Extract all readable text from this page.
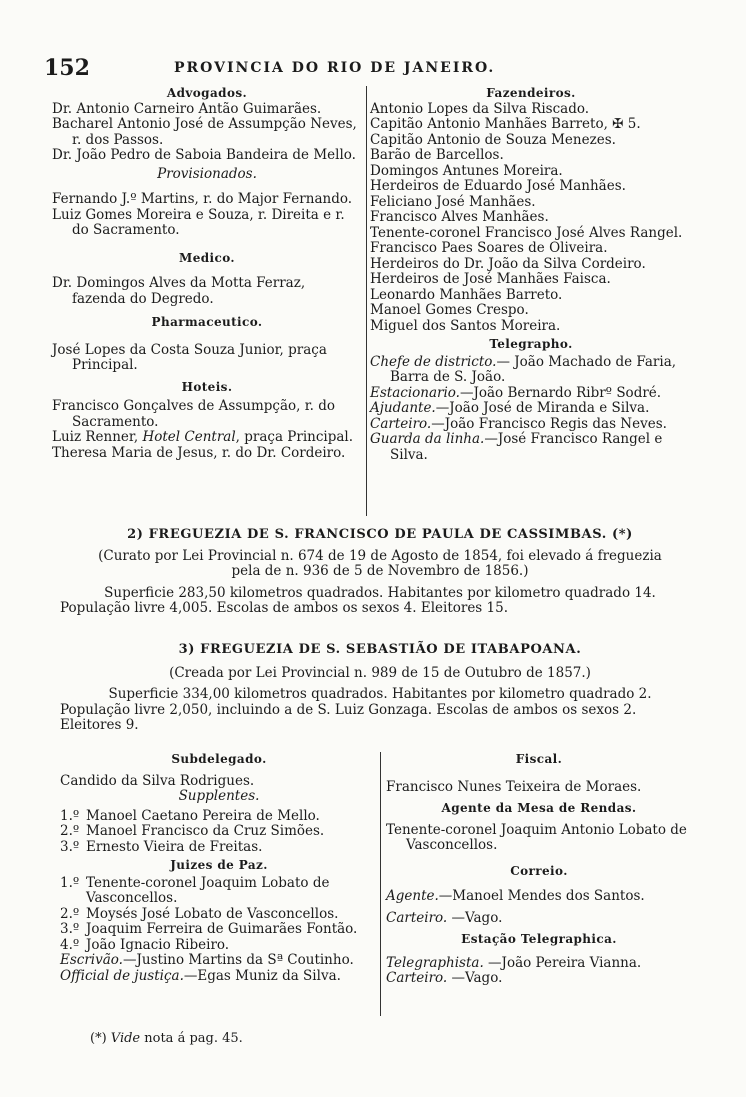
152	PROVINCIA DO RIO DE JANEIRO.

Advogados.

Dr. Antonio Carneiro Antão Guimarães.

Bacharel Antonio José de Assumpção Neves, r. dos Passos.

Dr. João Pedro de Saboia Bandeira de Mello.

Provisionados.

Fernando J.º Martins, r. do Major Fernando.

Luiz Gomes Moreira e Souza, r. Direita e r. do Sacramento.

Medico.

Dr. Domingos Alves da Motta Ferraz, fazenda do Degredo.

Pharmaceutico.

José Lopes da Costa Souza Junior, praça Principal.

Hoteis.

Francisco Gonçalves de Assumpção, r. do Sacramento.

Luiz Renner, Hotel Central, praça Principal.

Theresa Maria de Jesus, r. do Dr. Cordeiro.

Fazendeiros.

Antonio Lopes da Silva Riscado.

Capitão Antonio Manhães Barreto, ✠ 5.

Capitão Antonio de Souza Menezes.

Barão de Barcellos.

Domingos Antunes Moreira.

Herdeiros de Eduardo José Manhães.

Feliciano José Manhães.

Francisco Alves Manhães.

Tenente-coronel Francisco José Alves Rangel.

Francisco Paes Soares de Oliveira.

Herdeiros do Dr. João da Silva Cordeiro.

Herdeiros de José Manhães Faisca.

Leonardo Manhães Barreto.

Manoel Gomes Crespo.

Miguel dos Santos Moreira.

Telegrapho.

Chefe de districto.— João Machado de Faria, Barra de S. João.

Estacionario.—João Bernardo Ribrº Sodré.

Ajudante.—João José de Miranda e Silva.

Carteiro.—João Francisco Regis das Neves.

Guarda da linha.—José Francisco Rangel e Silva.

2) FREGUEZIA DE S. FRANCISCO DE PAULA DE CASSIMBAS. (*)

(Curato por Lei Provincial n. 674 de 19 de Agosto de 1854, foi elevado á freguezia

pela de n. 936 de 5 de Novembro de 1856.)

Superficie 283,50 kilometros quadrados. Habitantes por kilometro quadrado 14.

População livre 4,005. Escolas de ambos os sexos 4. Eleitores 15.

3) FREGUEZIA DE S. SEBASTIÃO DE ITABAPOANA.

(Creada por Lei Provincial n. 989 de 15 de Outubro de 1857.)

Superficie 334,00 kilometros quadrados. Habitantes por kilometro quadrado 2.

População livre 2,050, incluindo a de S. Luiz Gonzaga. Escolas de ambos os sexos 2.

Eleitores 9.

Subdelegado.

Candido da Silva Rodrigues.

Supplentes.

1.º Manoel Caetano Pereira de Mello.

2.º Manoel Francisco da Cruz Simões.

3.º Ernesto Vieira de Freitas.

Juizes de Paz.

1.º Tenente-coronel Joaquim Lobato de Vasconcellos.

2.º Moysés José Lobato de Vasconcellos.

3.º Joaquim Ferreira de Guimarães Fontão.

4.º João Ignacio Ribeiro.

Escrivão.—Justino Martins da Sª Coutinho.

Official de justiça.—Egas Muniz da Silva.

Fiscal.

Francisco Nunes Teixeira de Moraes.

Agente da Mesa de Rendas.

Tenente-coronel Joaquim Antonio Lobato de Vasconcellos.

Correio.

Agente.—Manoel Mendes dos Santos.

Carteiro. —Vago.

Estação Telegraphica.

Telegraphista. —João Pereira Vianna.

Carteiro. —Vago.

(*) Vide nota á pag. 45.
